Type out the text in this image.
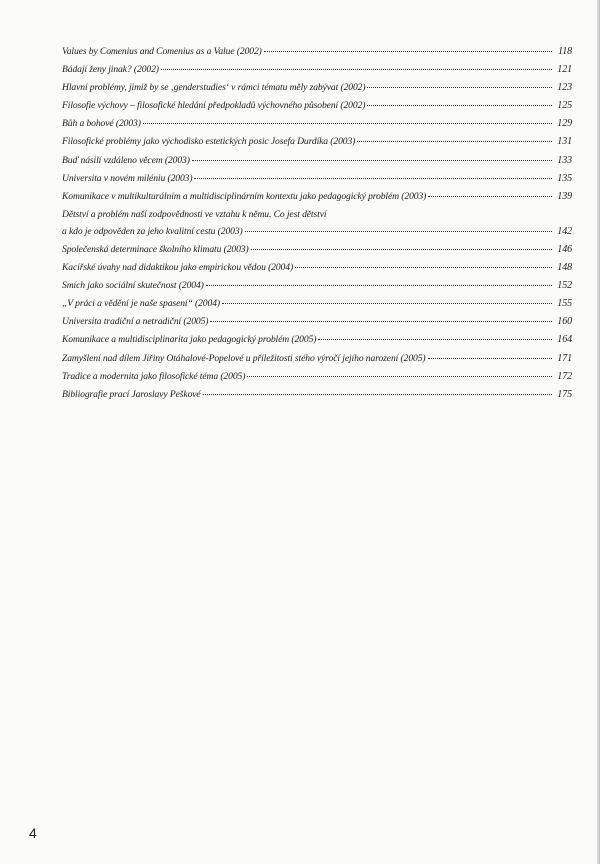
Values by Comenius and Comenius as a Value (2002)	118
Bádají ženy jinak? (2002)	121
Hlavní problémy, jimiž by se ‚genderstudies‘ v rámci tématu měly zabývat (2002)	123
Filosofie výchovy – filosofické hledání předpokladů výchovného působení (2002)	125
Bůh a bohové (2003)	129
Filosofické problémy jako východisko estetických posic Josefa Durdíka (2003)	131
Buď násilí vzdáleno věcem (2003)	133
Universita v novém miléniu (2003)	135
Komunikace v multikulturálním a multidisciplinárním kontextu jako pedagogický problém (2003)	139
Dětství a problém naší zodpovědnosti ve vztahu k němu. Co jest dětství
a kdo je odpověden za jeho kvalitní cestu (2003)	142
Společenská determinace školního klimatu (2003)	146
Kacířské úvahy nad didaktikou jako empirickou vědou (2004)	148
Smích jako sociální skutečnost (2004)	152
„V práci a vědění je naše spasení“ (2004)	155
Universita tradiční a netradiční (2005)	160
Komunikace a multidisciplinarita jako pedagogický problém (2005)	164
Zamyšlení nad dílem Jiřiny Otáhalové-Popelové u příležitosti stého výročí jejího narození (2005)	171
Tradice a modernita jako filosofické téma (2005)	172
Bibliografie prací Jaroslavy Peškové	175
4
